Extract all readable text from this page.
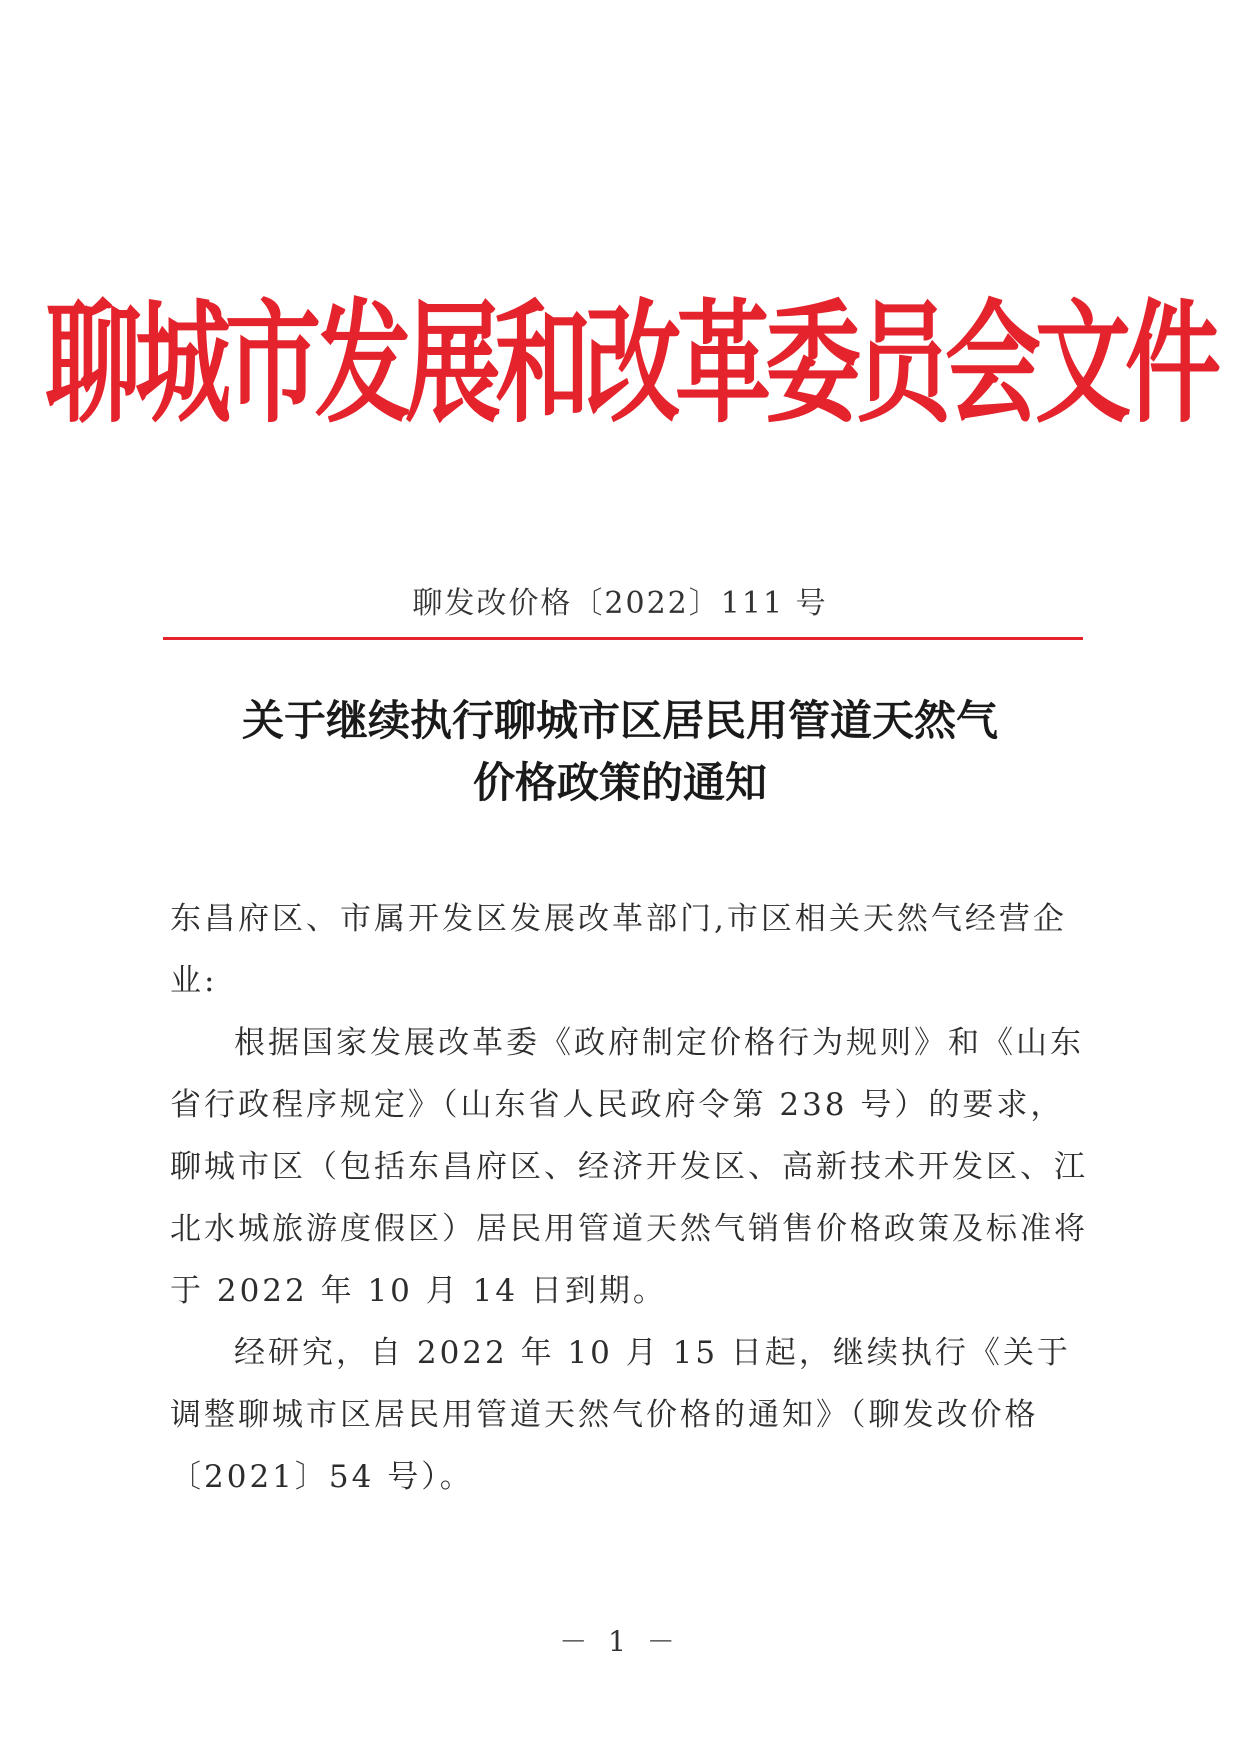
聊城市发展和改革委员会文件
聊发改价格〔2022〕111 号
关于继续执行聊城市区居民用管道天然气
价格政策的通知

东昌府区、市属开发区发展改革部门,市区相关天然气经营企业:

根据国家发展改革委《政府制定价格行为规则》和《山东省行政程序规定》（山东省人民政府令第 238 号）的要求，聊城市区（包括东昌府区、经济开发区、高新技术开发区、江北水城旅游度假区）居民用管道天然气销售价格政策及标准将于 2022 年 10 月 14 日到期。

经研究，自 2022 年 10 月 15 日起，继续执行《关于调整聊城市区居民用管道天然气价格的通知》（聊发改价格〔2021〕54 号）。

－ 1 －
